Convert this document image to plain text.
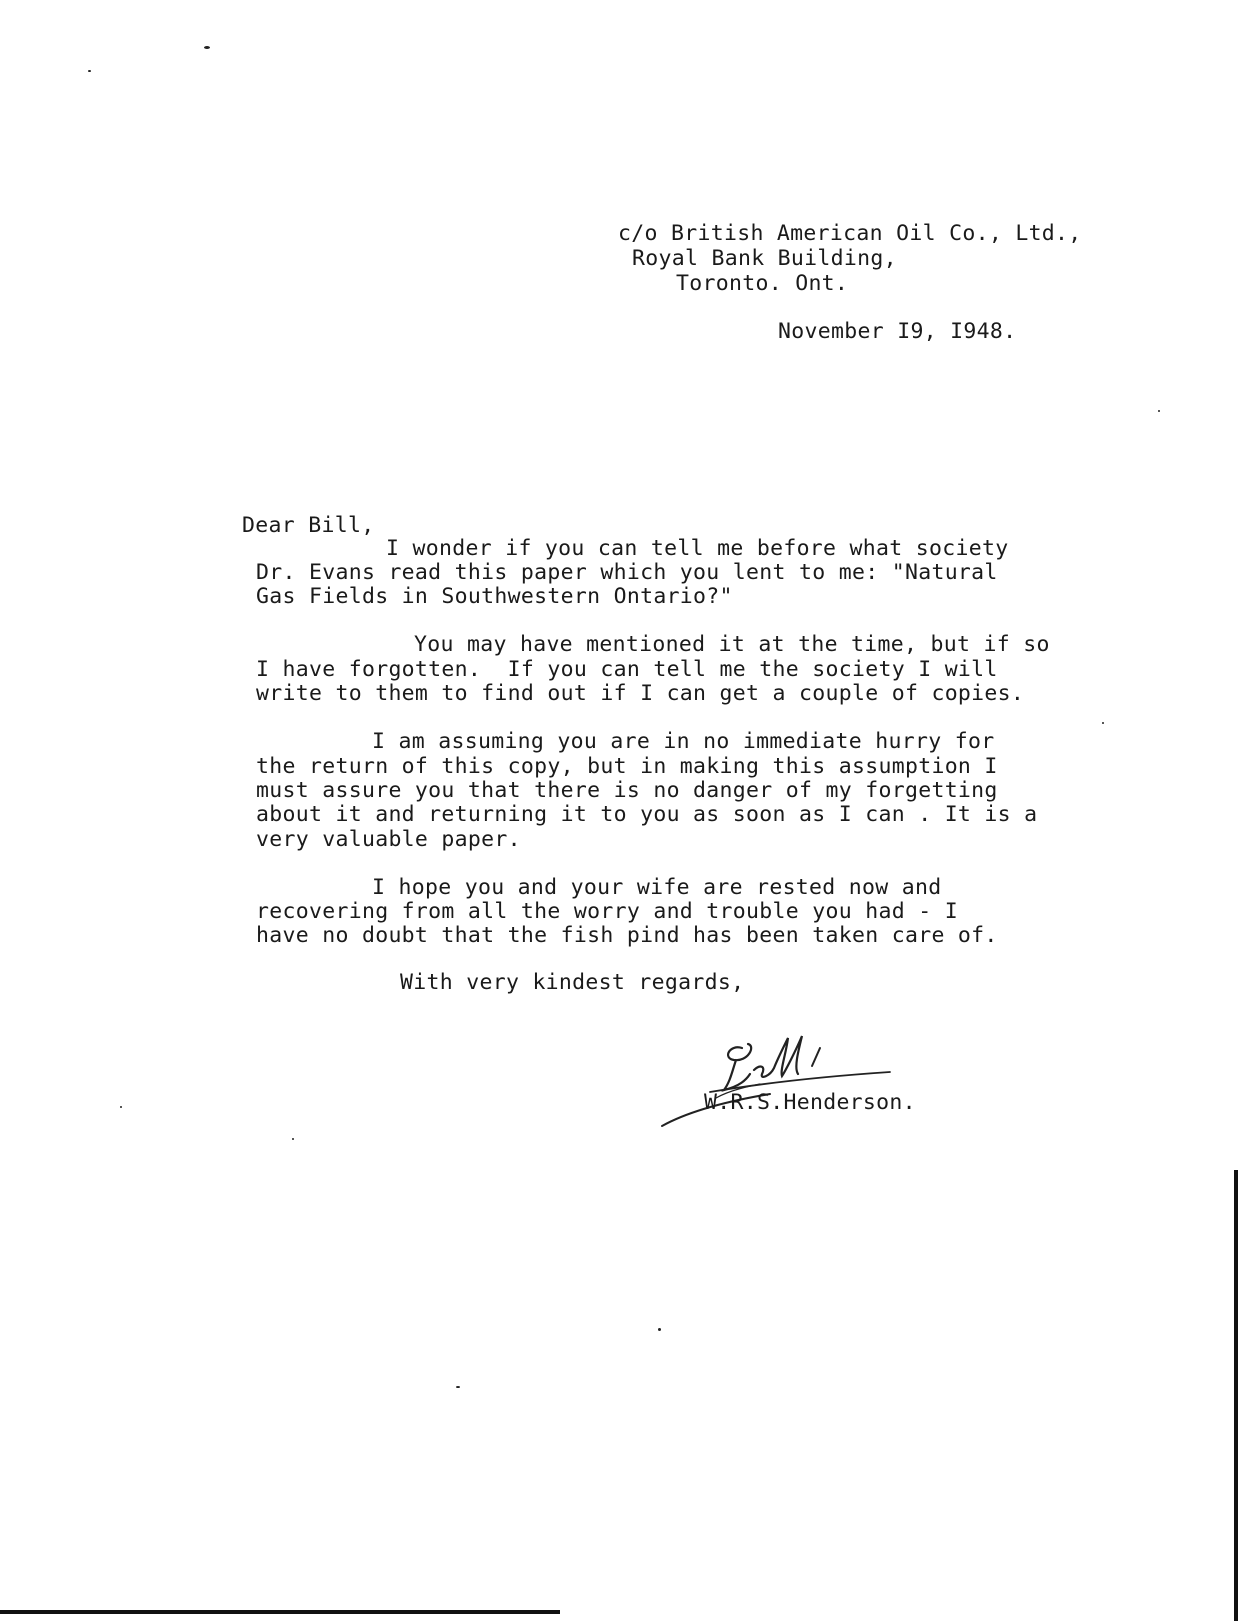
c/o British American Oil Co., Ltd.,
Royal Bank Building,
Toronto. Ont.
November I9, I948.
Dear Bill,
I wonder if you can tell me before what society
Dr. Evans read this paper which you lent to me: "Natural
Gas Fields in Southwestern Ontario?"
You may have mentioned it at the time, but if so
I have forgotten.  If you can tell me the society I will
write to them to find out if I can get a couple of copies.
I am assuming you are in no immediate hurry for
the return of this copy, but in making this assumption I
must assure you that there is no danger of my forgetting
about it and returning it to you as soon as I can . It is a
very valuable paper.
I hope you and your wife are rested now and
recovering from all the worry and trouble you had - I
have no doubt that the fish pind has been taken care of.
With very kindest regards,
W.R.S.Henderson.
